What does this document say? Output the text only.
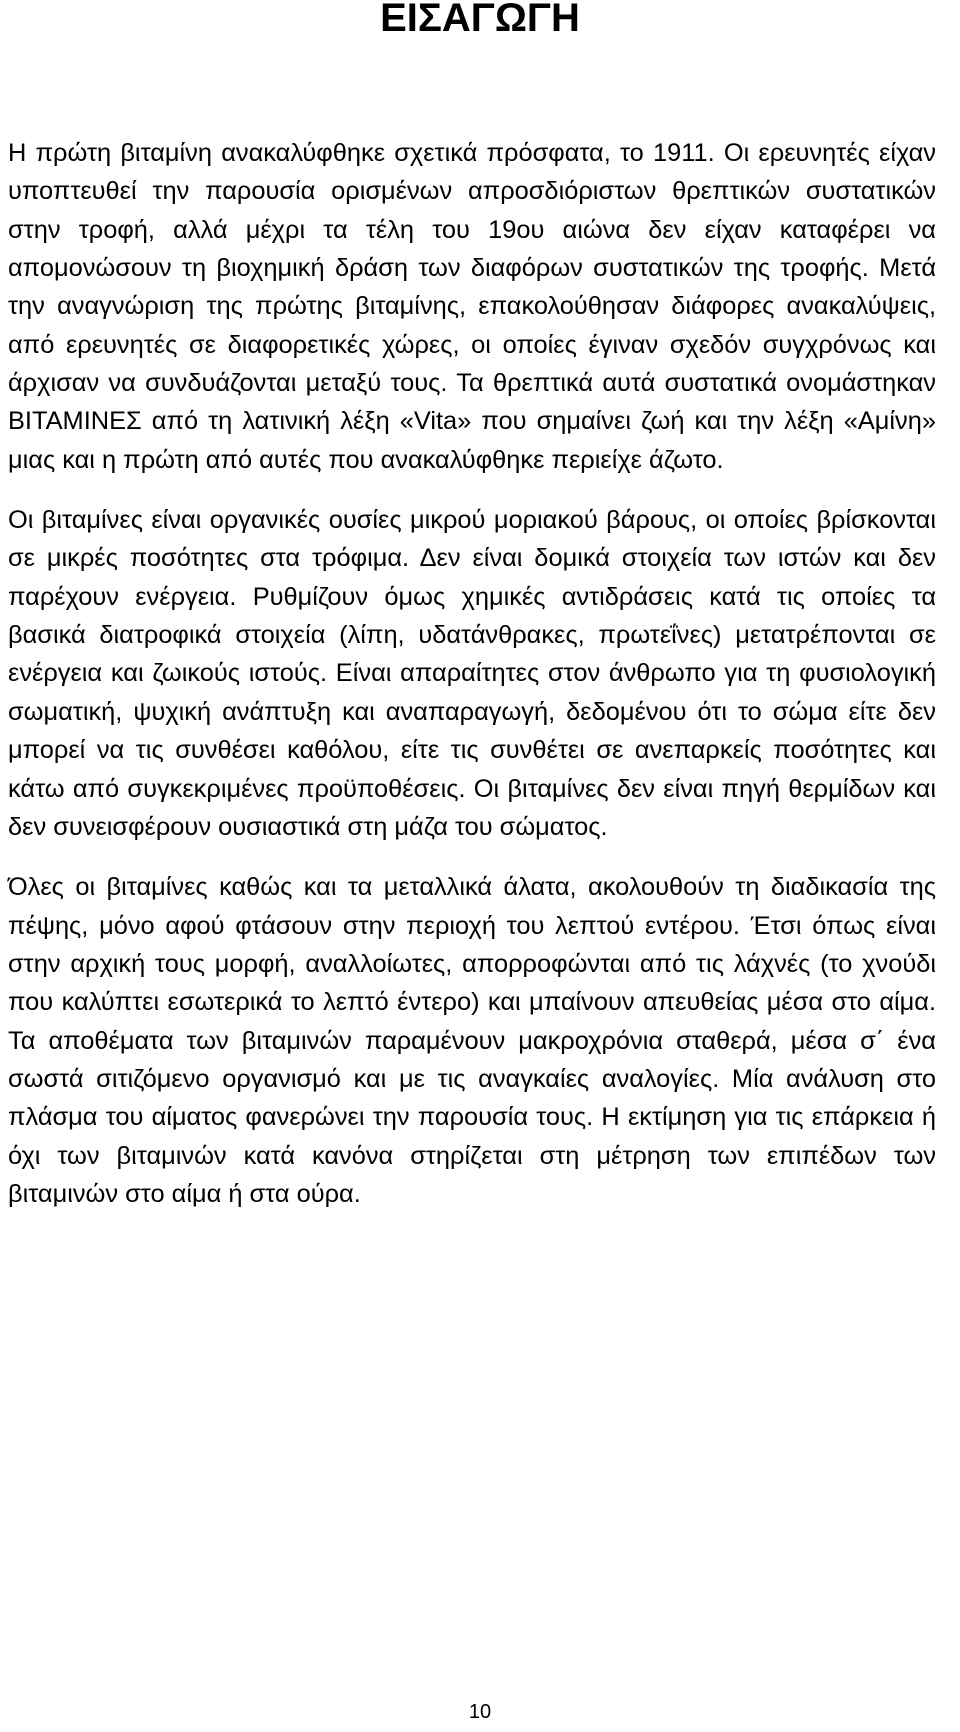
ΕΙΣΑΓΩΓΗ

Η πρώτη βιταμίνη ανακαλύφθηκε σχετικά πρόσφατα, το 1911. Οι ερευνητές είχαν υποπτευθεί την παρουσία ορισμένων απροσδιόριστων θρεπτικών συστατικών στην τροφή, αλλά μέχρι τα τέλη του 19ου αιώνα δεν είχαν καταφέρει να απομονώσουν τη βιοχημική δράση των διαφόρων συστατικών της τροφής. Μετά την αναγνώριση της πρώτης βιταμίνης, επακολούθησαν διάφορες ανακαλύψεις, από ερευνητές σε διαφορετικές χώρες, οι οποίες έγιναν σχεδόν συγχρόνως και άρχισαν να συνδυάζονται μεταξύ τους. Τα θρεπτικά αυτά συστατικά ονομάστηκαν ΒΙΤΑΜΙΝΕΣ από τη λατινική λέξη «Vita» που σημαίνει ζωή και την λέξη «Αμίνη» μιας και η πρώτη από αυτές που ανακαλύφθηκε περιείχε άζωτο.

Οι βιταμίνες είναι οργανικές ουσίες μικρού μοριακού βάρους, οι οποίες βρίσκονται σε μικρές ποσότητες στα τρόφιμα. Δεν είναι δομικά στοιχεία των ιστών και δεν παρέχουν ενέργεια. Ρυθμίζουν όμως χημικές αντιδράσεις κατά τις οποίες τα βασικά διατροφικά στοιχεία (λίπη, υδατάνθρακες, πρωτεΐνες) μετατρέπονται σε ενέργεια και ζωικούς ιστούς. Είναι απαραίτητες στον άνθρωπο για τη φυσιολογική σωματική, ψυχική ανάπτυξη και αναπαραγωγή, δεδομένου ότι το σώμα είτε δεν μπορεί να τις συνθέσει καθόλου, είτε τις συνθέτει σε ανεπαρκείς ποσότητες και κάτω από συγκεκριμένες προϋποθέσεις. Οι βιταμίνες δεν είναι πηγή θερμίδων και δεν συνεισφέρουν ουσιαστικά στη μάζα του σώματος.

Όλες οι βιταμίνες καθώς και τα μεταλλικά άλατα, ακολουθούν τη διαδικασία της πέψης, μόνο αφού φτάσουν στην περιοχή του λεπτού εντέρου. Έτσι όπως είναι στην αρχική τους μορφή, αναλλοίωτες, απορροφώνται από τις λάχνές (το χνούδι που καλύπτει εσωτερικά το λεπτό έντερο) και μπαίνουν απευθείας μέσα στο αίμα. Τα αποθέματα των βιταμινών παραμένουν μακροχρόνια σταθερά, μέσα σ΄ ένα σωστά σιτιζόμενο οργανισμό και με τις αναγκαίες αναλογίες. Μία ανάλυση στο πλάσμα του αίματος φανερώνει την παρουσία τους. Η εκτίμηση για τις επάρκεια ή όχι των βιταμινών κατά κανόνα στηρίζεται στη μέτρηση των επιπέδων των βιταμινών στο αίμα ή στα ούρα.

10
